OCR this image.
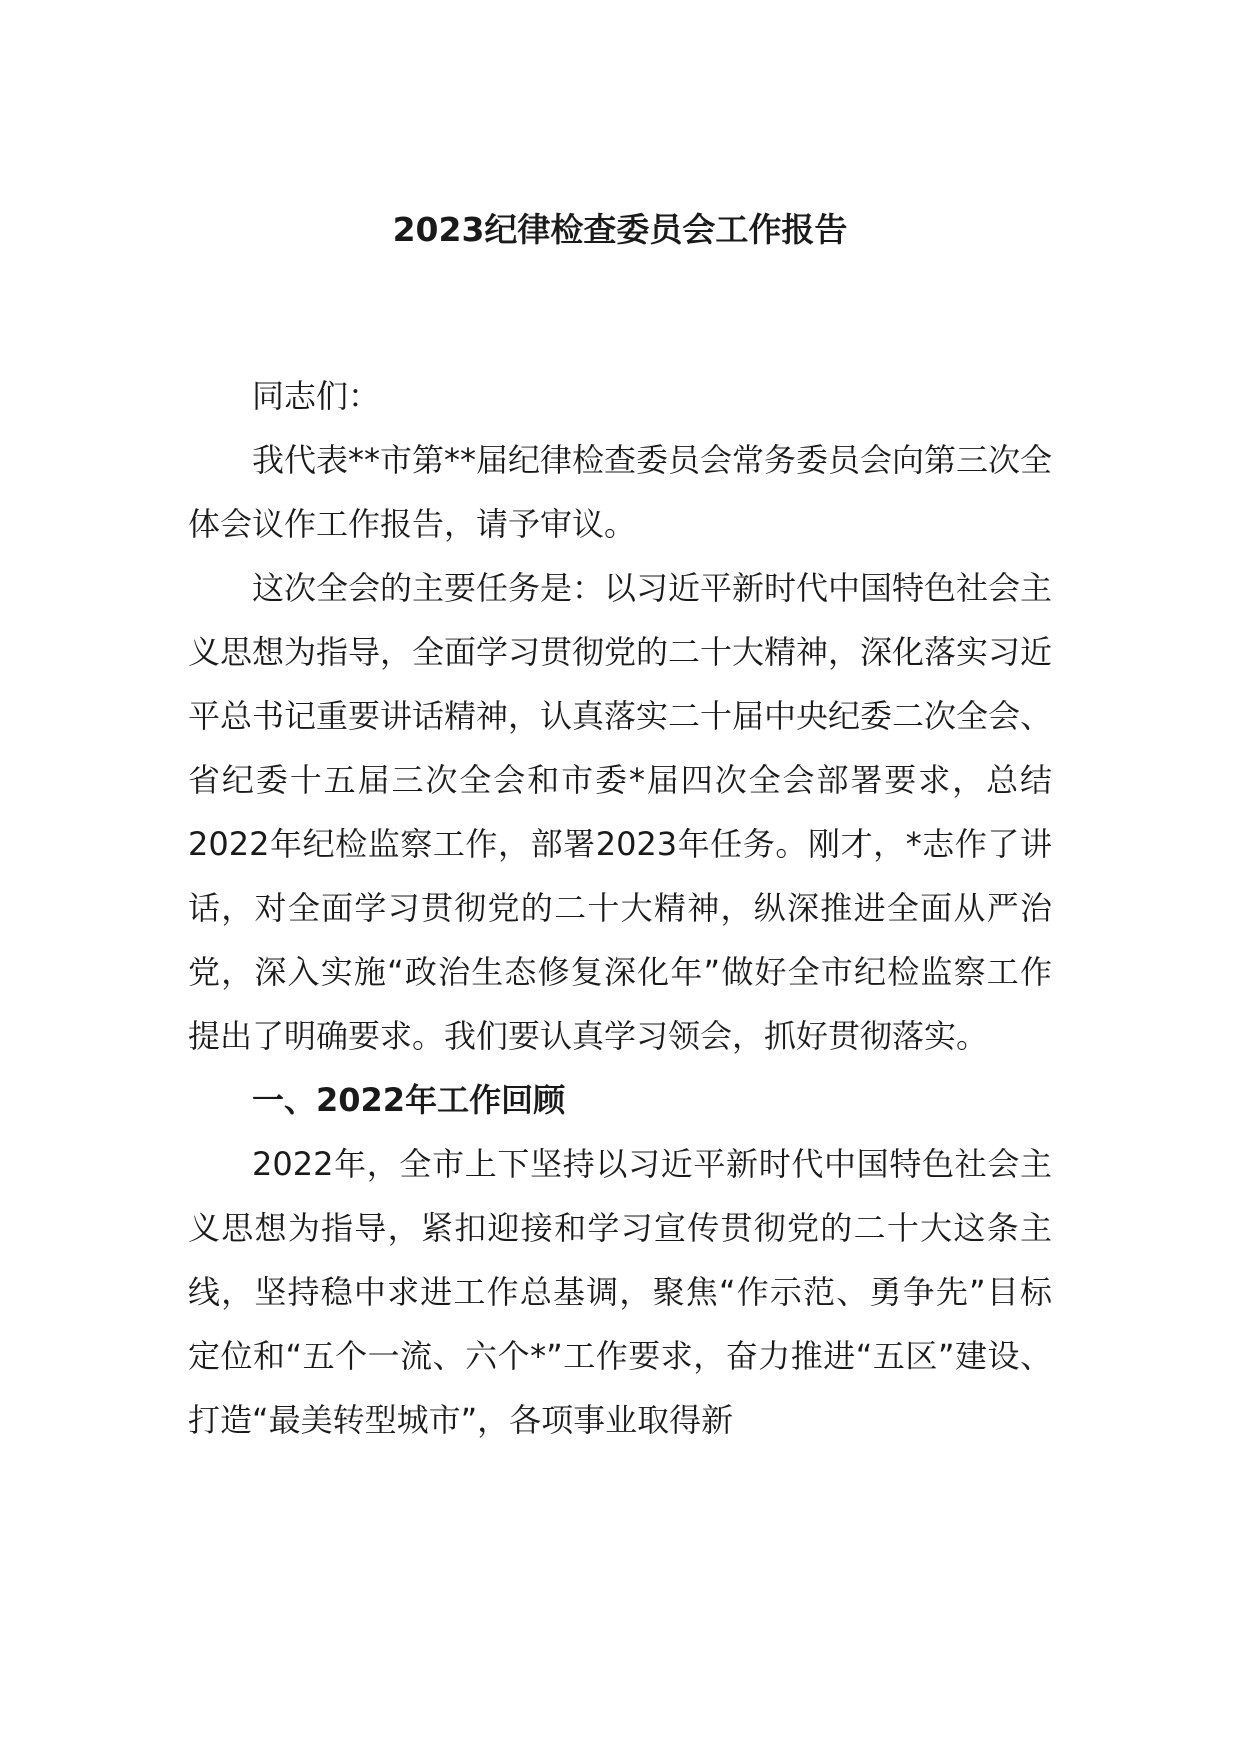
2023纪律检查委员会工作报告

同志们：

我代表**市第**届纪律检查委员会常务委员会向第三次全体会议作工作报告，请予审议。

这次全会的主要任务是：以习近平新时代中国特色社会主义思想为指导，全面学习贯彻党的二十大精神，深化落实习近平总书记重要讲话精神，认真落实二十届中央纪委二次全会、省纪委十五届三次全会和市委*届四次全会部署要求，总结2022年纪检监察工作，部署2023年任务。刚才，*志作了讲话，对全面学习贯彻党的二十大精神，纵深推进全面从严治党，深入实施“政治生态修复深化年”做好全市纪检监察工作提出了明确要求。我们要认真学习领会，抓好贯彻落实。

一、2022年工作回顾

2022年，全市上下坚持以习近平新时代中国特色社会主义思想为指导，紧扣迎接和学习宣传贯彻党的二十大这条主线，坚持稳中求进工作总基调，聚焦“作示范、勇争先”目标定位和“五个一流、六个*”工作要求，奋力推进“五区”建设、打造“最美转型城市”，各项事业取得新
